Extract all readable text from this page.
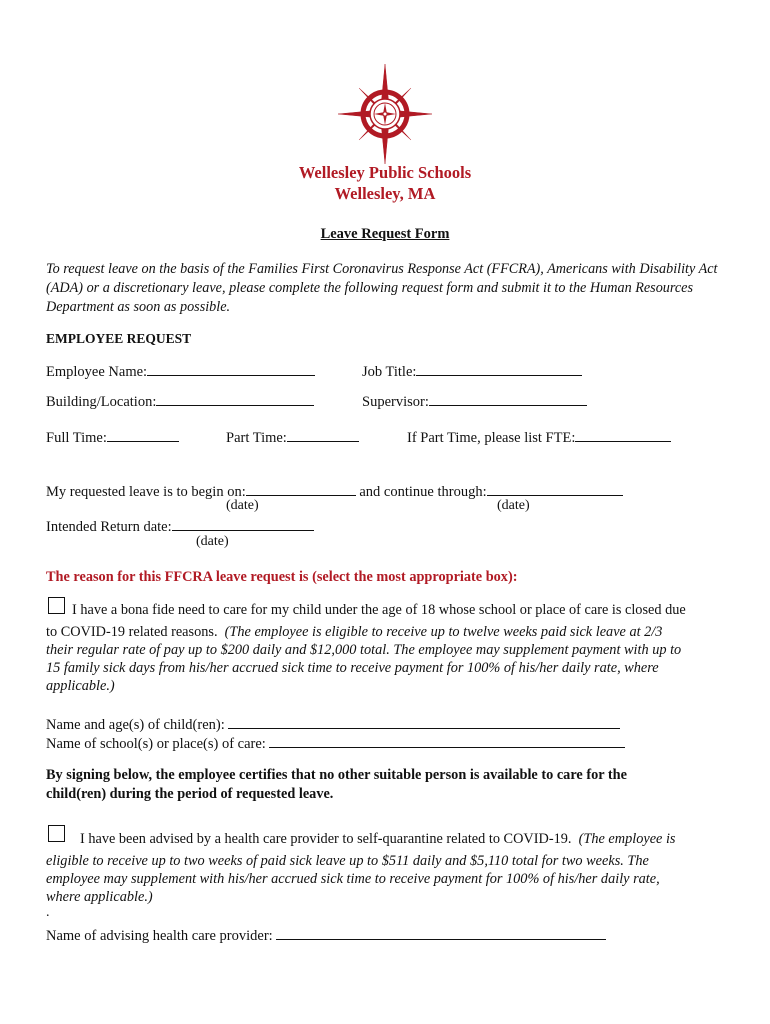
Wellesley Public Schools
Wellesley, MA
Leave Request Form
To request leave on the basis of the Families First Coronavirus Response Act (FFCRA), Americans with Disability Act (ADA) or a discretionary leave, please complete the following request form and submit it to the Human Resources Department as soon as possible.
EMPLOYEE REQUEST
Employee Name:	Job Title:
Building/Location:	Supervisor:
Full Time:	Part Time:	If Part Time, please list FTE:
My requested leave is to begin on:	and continue through:
(date)	(date)
Intended Return date:
(date)
The reason for this FFCRA leave request is (select the most appropriate box):
I have a bona fide need to care for my child under the age of 18 whose school or place of care is closed due
to COVID-19 related reasons. (The employee is eligible to receive up to twelve weeks paid sick leave at 2/3
their regular rate of pay up to $200 daily and $12,000 total. The employee may supplement payment with up to
15 family sick days from his/her accrued sick time to receive payment for 100% of his/her daily rate, where
applicable.)
Name and age(s) of child(ren):
Name of school(s) or place(s) of care:
By signing below, the employee certifies that no other suitable person is available to care for the
child(ren) during the period of requested leave.
I have been advised by a health care provider to self-quarantine related to COVID-19. (The employee is
eligible to receive up to two weeks of paid sick leave up to $511 daily and $5,110 total for two weeks. The
employee may supplement with his/her accrued sick time to receive payment for 100% of his/her daily rate,
where applicable.)
.
Name of advising health care provider:
